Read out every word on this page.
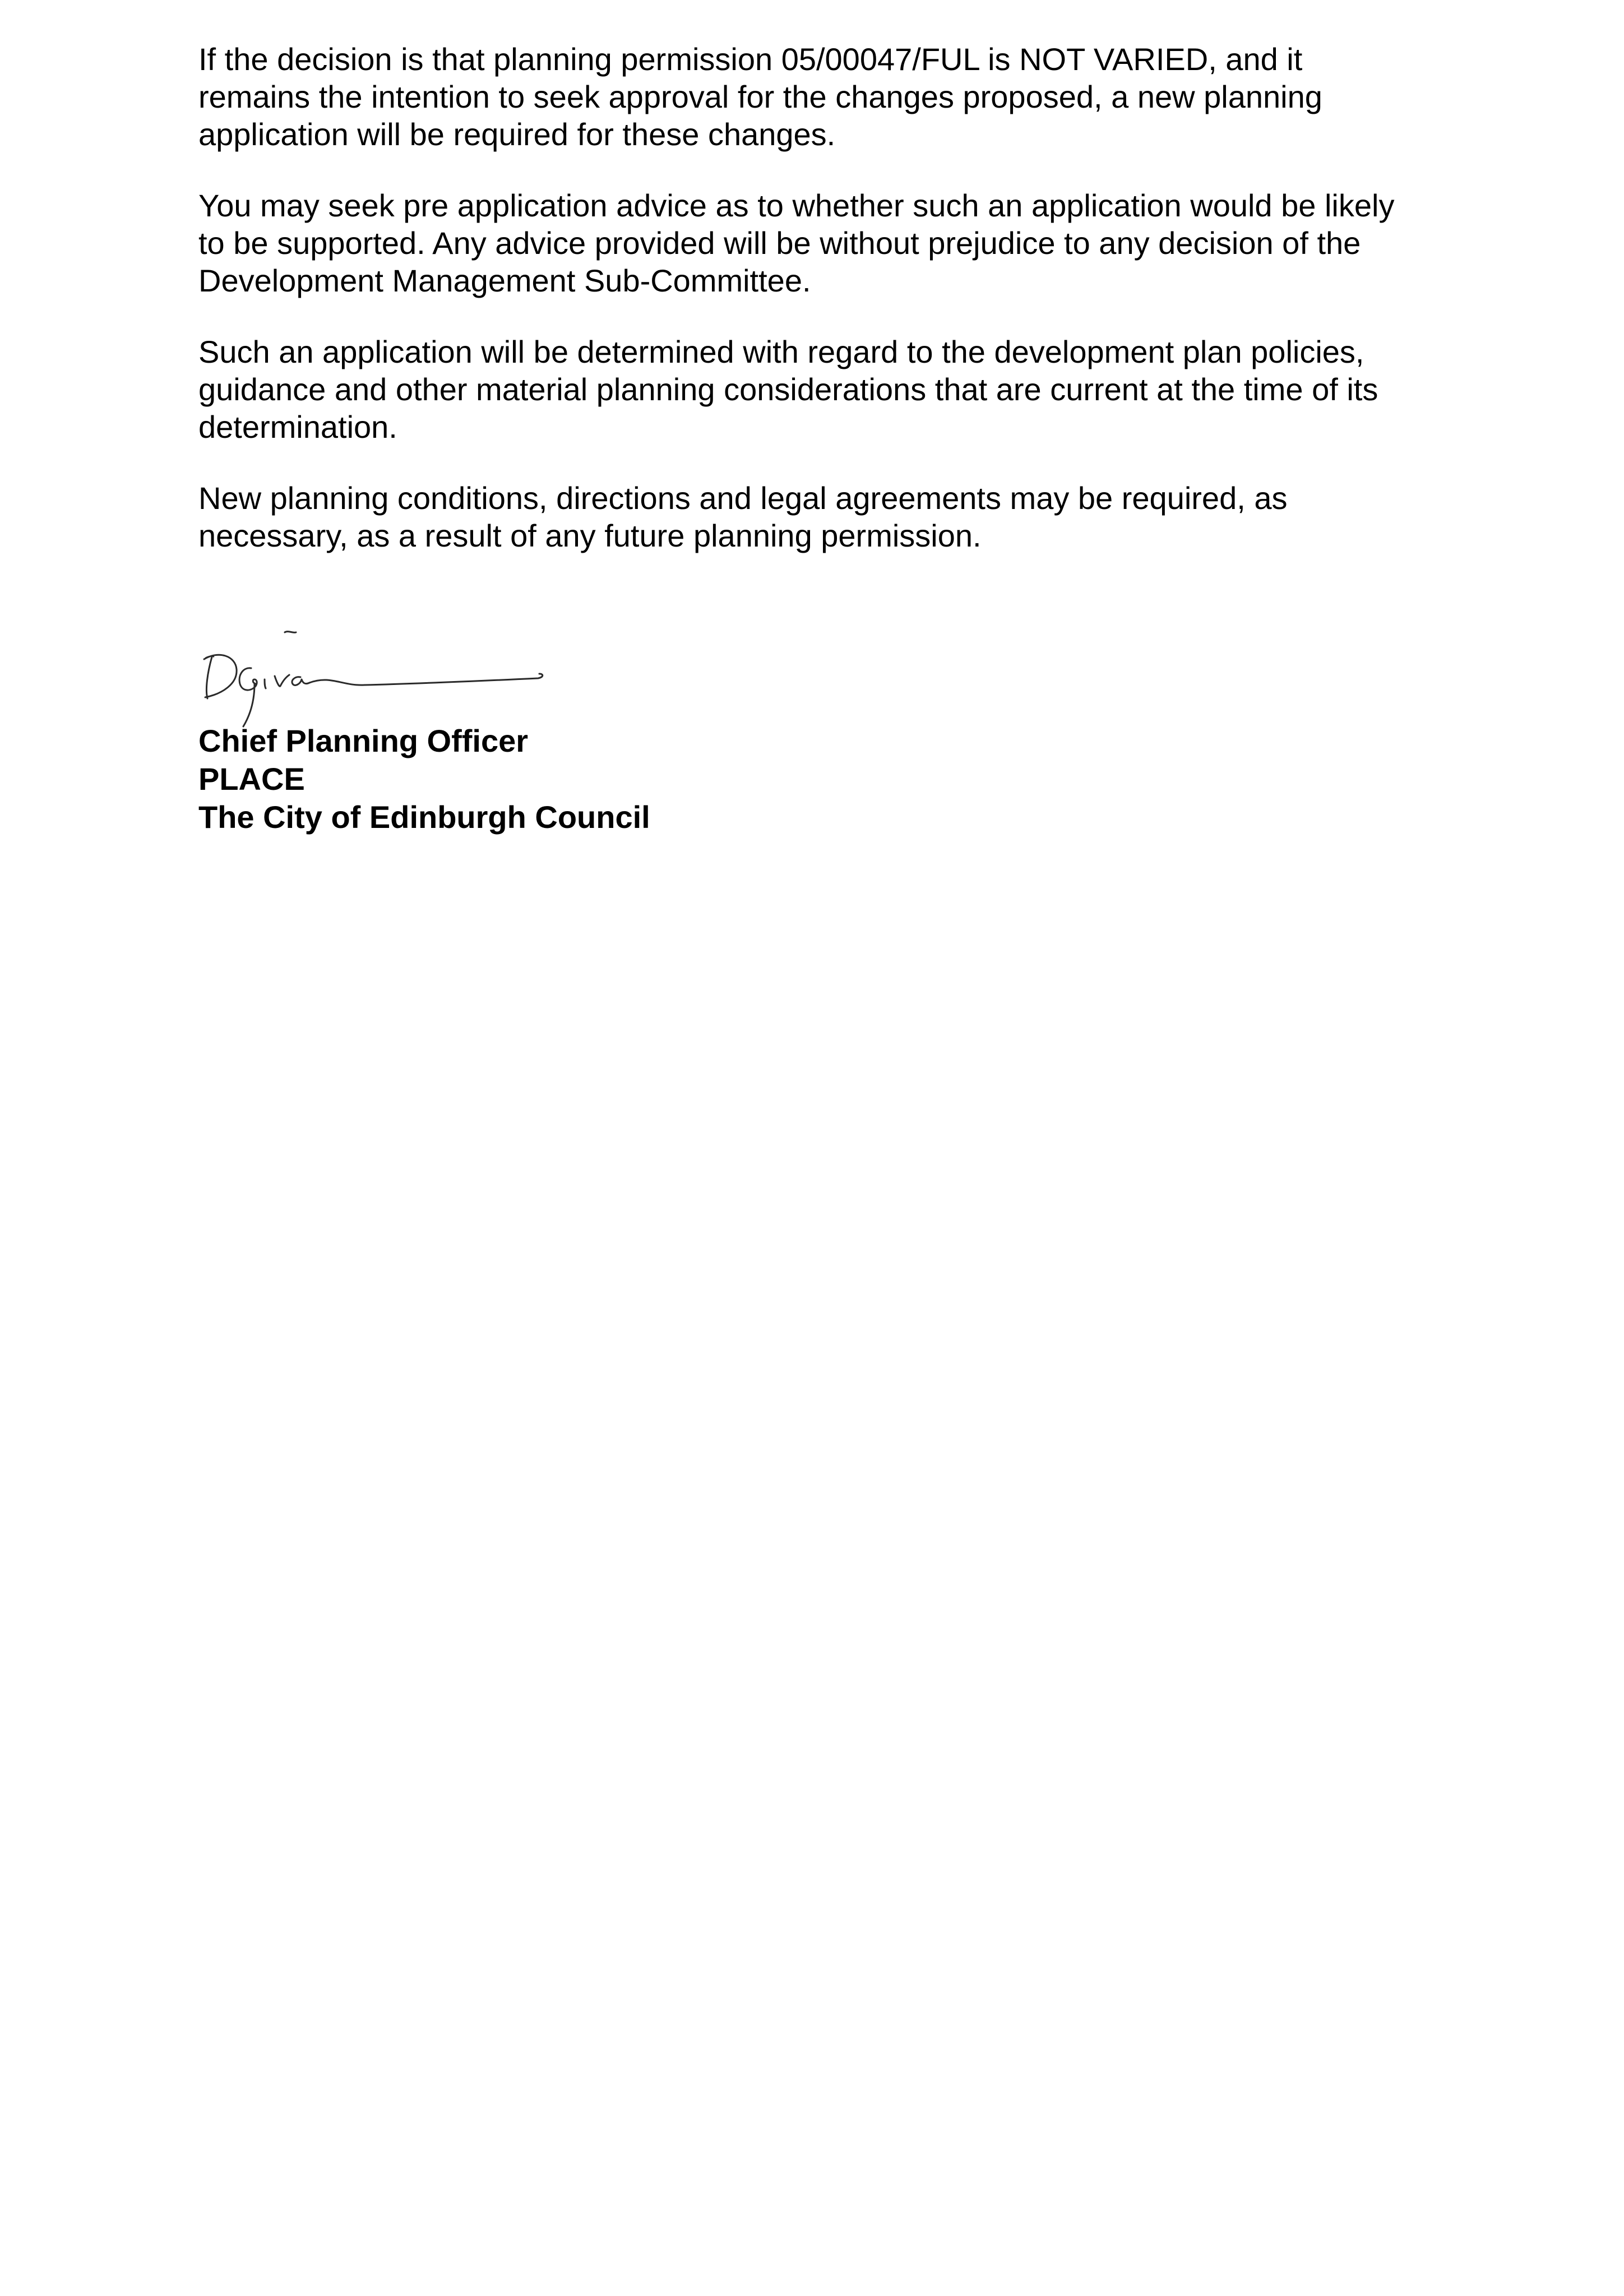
If the decision is that planning permission 05/00047/FUL is NOT VARIED, and it
remains the intention to seek approval for the changes proposed, a new planning
application will be required for these changes.

You may seek pre application advice as to whether such an application would be likely
to be supported. Any advice provided will be without prejudice to any decision of the
Development Management Sub-Committee.

Such an application will be determined with regard to the development plan policies,
guidance and other material planning considerations that are current at the time of its
determination.

New planning conditions, directions and legal agreements may be required, as
necessary, as a result of any future planning permission.

Chief Planning Officer
PLACE
The City of Edinburgh Council
